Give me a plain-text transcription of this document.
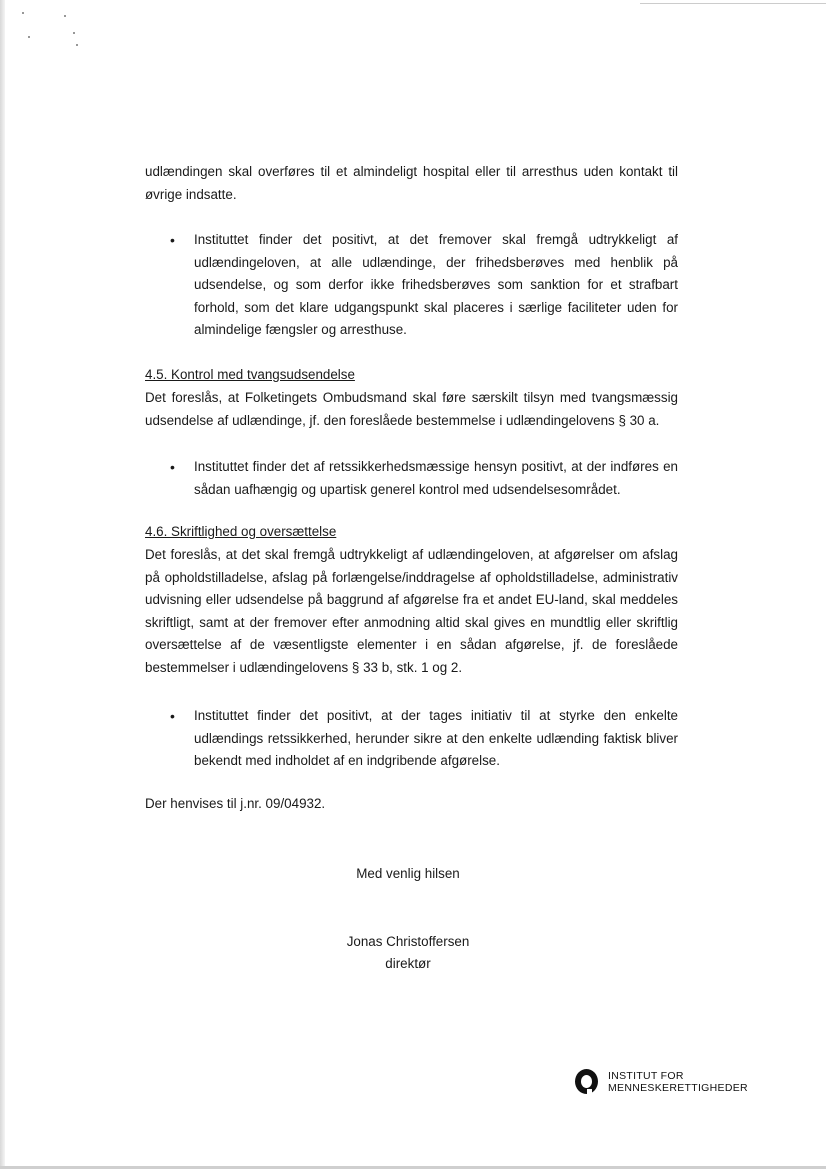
udlændingen skal overføres til et almindeligt hospital eller til arresthus uden kontakt til
øvrige indsatte.
•	Instituttet finder det positivt, at det fremover skal fremgå udtrykkeligt af
udlændingeloven, at alle udlændinge, der frihedsberøves med henblik på
udsendelse, og som derfor ikke frihedsberøves som sanktion for et strafbart
forhold, som det klare udgangspunkt skal placeres i særlige faciliteter uden for
almindelige fængsler og arresthuse.
4.5. Kontrol med tvangsudsendelse
Det foreslås, at Folketingets Ombudsmand skal føre særskilt tilsyn med tvangsmæssig
udsendelse af udlændinge, jf. den foreslåede bestemmelse i udlændingelovens § 30 a.
•	Instituttet finder det af retssikkerhedsmæssige hensyn positivt, at der indføres en
sådan uafhængig og upartisk generel kontrol med udsendelsesområdet.
4.6. Skriftlighed og oversættelse
Det foreslås, at det skal fremgå udtrykkeligt af udlændingeloven, at afgørelser om afslag
på opholdstilladelse, afslag på forlængelse/inddragelse af opholdstilladelse, administrativ
udvisning eller udsendelse på baggrund af afgørelse fra et andet EU-land, skal meddeles
skriftligt, samt at der fremover efter anmodning altid skal gives en mundtlig eller skriftlig
oversættelse af de væsentligste elementer i en sådan afgørelse, jf. de foreslåede
bestemmelser i udlændingelovens § 33 b, stk. 1 og 2.
•	Instituttet finder det positivt, at der tages initiativ til at styrke den enkelte
udlændings retssikkerhed, herunder sikre at den enkelte udlænding faktisk bliver
bekendt med indholdet af en indgribende afgørelse.
Der henvises til j.nr. 09/04932.
Med venlig hilsen
Jonas Christoffersen
direktør
INSTITUT FOR
MENNESKERETTIGHEDER
